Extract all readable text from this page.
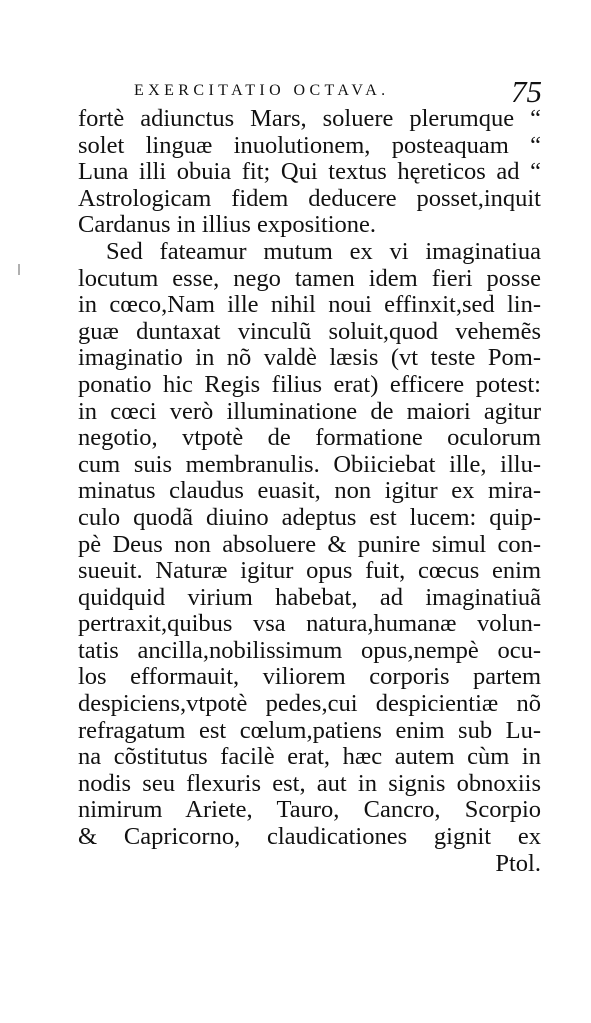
EXERCITATIO OCTAVA.	75
fortè adiunctus Mars, soluere plerumque “
solet linguæ inuolutionem, posteaquam “
Luna illi obuia fit; Qui textus hęreticos ad “
Astrologicam fidem deducere posset,inquit
Cardanus in illius expositione.
Sed fateamur mutum ex vi imaginatiua
locutum esse, nego tamen idem fieri posse
in cœco,Nam ille nihil noui effinxit,sed lin-
guæ duntaxat vinculũ soluit,quod vehemẽs
imaginatio in nõ valdè læsis (vt teste Pom-
ponatio hic Regis filius erat) efficere potest:
in cœci verò illuminatione de maiori agitur
negotio, vtpotè de formatione oculorum
cum suis membranulis. Obiiciebat ille, illu-
minatus claudus euasit, non igitur ex mira-
culo quodã diuino adeptus est lucem: quip-
pè Deus non absoluere & punire simul con-
sueuit. Naturæ igitur opus fuit, cœcus enim
quidquid virium habebat, ad imaginatiuã
pertraxit,quibus vsa natura,humanæ volun-
tatis ancilla,nobilissimum opus,nempè ocu-
los efformauit, viliorem corporis partem
despiciens,vtpotè pedes,cui despicientiæ nõ
refragatum est cœlum,patiens enim sub Lu-
na cõstitutus facilè erat, hæc autem cùm in
nodis seu flexuris est, aut in signis obnoxiis
nimirum Ariete, Tauro, Cancro, Scorpio
& Capricorno, claudicationes gignit ex
Ptol.
